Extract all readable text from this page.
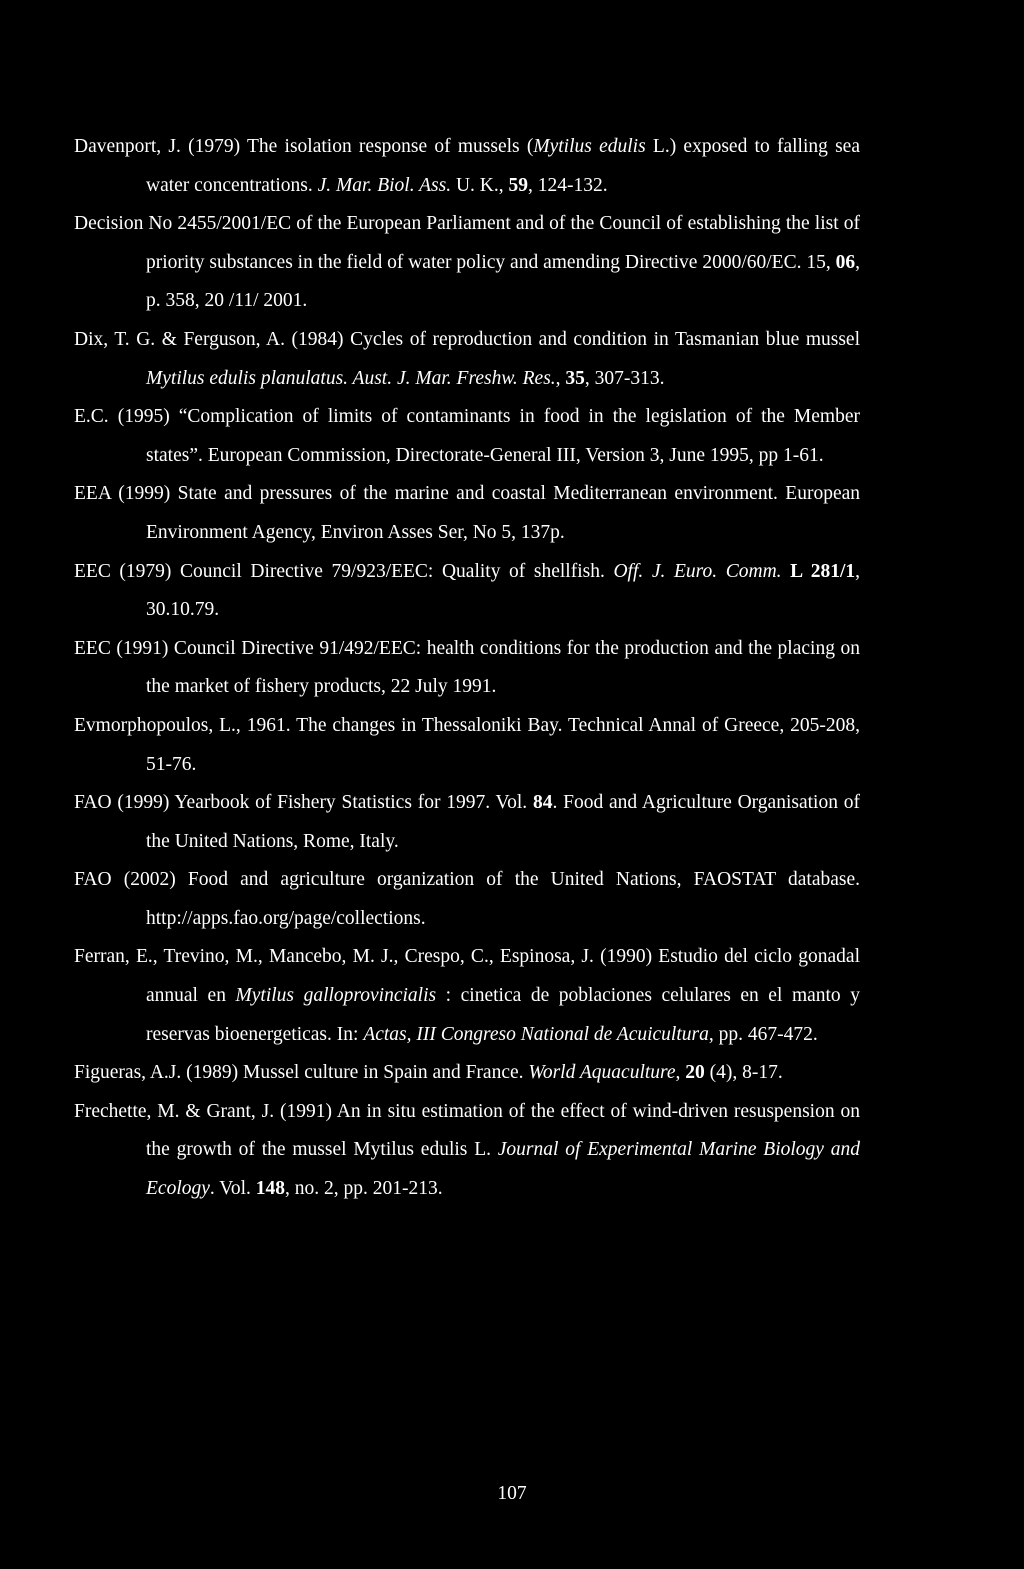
Davenport, J. (1979) The isolation response of mussels (Mytilus edulis L.) exposed to falling sea water concentrations. J. Mar. Biol. Ass. U. K., 59, 124-132.

Decision No 2455/2001/EC of the European Parliament and of the Council of establishing the list of priority substances in the field of water policy and amending Directive 2000/60/EC. 15, 06, p. 358, 20 /11/ 2001.

Dix, T. G. & Ferguson, A. (1984) Cycles of reproduction and condition in Tasmanian blue mussel Mytilus edulis planulatus. Aust. J. Mar. Freshw. Res., 35, 307-313.

E.C. (1995) “Complication of limits of contaminants in food in the legislation of the Member states”. European Commission, Directorate-General III, Version 3, June 1995, pp 1-61.

EEA (1999) State and pressures of the marine and coastal Mediterranean environment. European Environment Agency, Environ Asses Ser, No 5, 137p.

EEC (1979) Council Directive 79/923/EEC: Quality of shellfish. Off. J. Euro. Comm. L 281/1, 30.10.79.

EEC (1991) Council Directive 91/492/EEC: health conditions for the production and the placing on the market of fishery products, 22 July 1991.

Evmorphopoulos, L., 1961. The changes in Thessaloniki Bay. Technical Annal of Greece, 205-208, 51-76.

FAO (1999) Yearbook of Fishery Statistics for 1997. Vol. 84. Food and Agriculture Organisation of the United Nations, Rome, Italy.

FAO (2002) Food and agriculture organization of the United Nations, FAOSTAT database. http://apps.fao.org/page/collections.

Ferran, E., Trevino, M., Mancebo, M. J., Crespo, C., Espinosa, J. (1990) Estudio del ciclo gonadal annual en Mytilus galloprovincialis : cinetica de poblaciones celulares en el manto y reservas bioenergeticas. In: Actas, III Congreso National de Acuicultura, pp. 467-472.

Figueras, A.J. (1989) Mussel culture in Spain and France. World Aquaculture, 20 (4), 8-17.

Frechette, M. & Grant, J. (1991) An in situ estimation of the effect of wind-driven resuspension on the growth of the mussel Mytilus edulis L. Journal of Experimental Marine Biology and Ecology. Vol. 148, no. 2, pp. 201-213.

107
